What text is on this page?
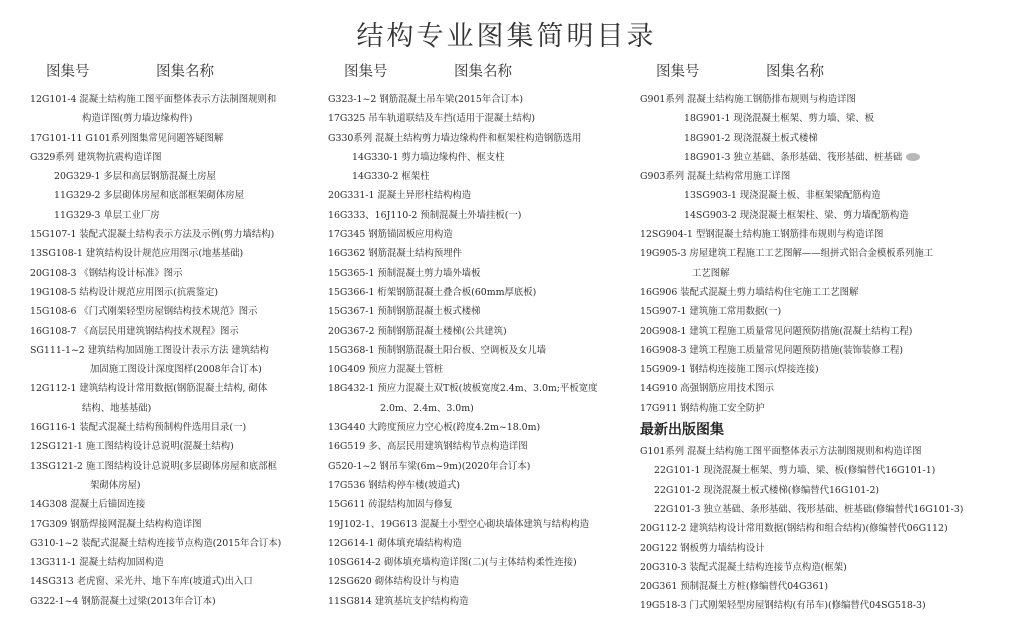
结构专业图集简明目录
图集号	图集名称
12G101-4 混凝土结构施工图平面整体表示方法制图规则和
构造详图(剪力墙边缘构件)
17G101-11 G101系列图集常见问题答疑图解
G329系列 建筑物抗震构造详图
20G329-1 多层和高层钢筋混凝土房屋
11G329-2 多层砌体房屋和底部框架砌体房屋
11G329-3 单层工业厂房
15G107-1 装配式混凝土结构表示方法及示例(剪力墙结构)
13SG108-1 建筑结构设计规范应用图示(地基基础)
20G108-3 《钢结构设计标准》图示
19G108-5 结构设计规范应用图示(抗震鉴定)
15G108-6 《门式刚架轻型房屋钢结构技术规范》图示
16G108-7 《高层民用建筑钢结构技术规程》图示
SG111-1~2 建筑结构加固施工图设计表示方法 建筑结构
加固施工图设计深度图样(2008年合订本)
12G112-1 建筑结构设计常用数据(钢筋混凝土结构, 砌体
结构、地基基础)
16G116-1 装配式混凝土结构预制构件选用目录(一)
12SG121-1 施工图结构设计总说明(混凝土结构)
13SG121-2 施工图结构设计总说明(多层砌体房屋和底部框
架砌体房屋)
14G308 混凝土后锚固连接
17G309 钢筋焊接网混凝土结构构造详图
G310-1~2 装配式混凝土结构连接节点构造(2015年合订本)
13G311-1 混凝土结构加固构造
14SG313 老虎窗、采光井、地下车库(坡道式)出入口
G322-1~4 钢筋混凝土过梁(2013年合订本)
图集号	图集名称
G323-1~2 钢筋混凝土吊车梁(2015年合订本)
17G325 吊车轨道联结及车挡(适用于混凝土结构)
G330系列 混凝土结构剪力墙边缘构件和框架柱构造钢筋选用
14G330-1 剪力墙边缘构件、框支柱
14G330-2 框架柱
20G331-1 混凝土异形柱结构构造
16G333、16J110-2 预制混凝土外墙挂板(一)
17G345 钢筋锚固板应用构造
16G362 钢筋混凝土结构预埋件
15G365-1 预制混凝土剪力墙外墙板
15G366-1 桁架钢筋混凝土叠合板(60mm厚底板)
15G367-1 预制钢筋混凝土板式楼梯
20G367-2 预制钢筋混凝土楼梯(公共建筑)
15G368-1 预制钢筋混凝土阳台板、空调板及女儿墙
10G409 预应力混凝土管桩
18G432-1 预应力混凝土双T板(坡板宽度2.4m、3.0m;平板宽度
2.0m、2.4m、3.0m)
13G440 大跨度预应力空心板(跨度4.2m~18.0m)
16G519 多、高层民用建筑钢结构节点构造详图
G520-1~2 钢吊车梁(6m~9m)(2020年合订本)
17G536 钢结构停车楼(坡道式)
15G611 砖混结构加固与修复
19J102-1、19G613 混凝土小型空心砌块墙体建筑与结构构造
12G614-1 砌体填充墙结构构造
10SG614-2 砌体填充墙构造详图(二)(与主体结构柔性连接)
12SG620 砌体结构设计与构造
11SG814 建筑基坑支护结构构造
图集号	图集名称
G901系列 混凝土结构施工钢筋排布规则与构造详图
18G901-1 现浇混凝土框架、剪力墙、梁、板
18G901-2 现浇混凝土板式楼梯
18G901-3 独立基础、条形基础、筏形基础、桩基础
G903系列 混凝土结构常用施工详图
13SG903-1 现浇混凝土板、非框架梁配筋构造
14SG903-2 现浇混凝土框架柱、梁、剪力墙配筋构造
12SG904-1 型钢混凝土结构施工钢筋排布规则与构造详图
19G905-3 房屋建筑工程施工工艺图解——组拼式铝合金模板系列施工
工艺图解
16G906 装配式混凝土剪力墙结构住宅施工工艺图解
15G907-1 建筑施工常用数据(一)
20G908-1 建筑工程施工质量常见问题预防措施(混凝土结构工程)
16G908-3 建筑工程施工质量常见问题预防措施(装饰装修工程)
15G909-1 钢结构连接施工图示(焊接连接)
14G910 高强钢筋应用技术图示
17G911 钢结构施工安全防护
最新出版图集
G101系列 混凝土结构施工图平面整体表示方法制图规则和构造详图
22G101-1 现浇混凝土框架、剪力墙、梁、板(修编替代16G101-1)
22G101-2 现浇混凝土板式楼梯(修编替代16G101-2)
22G101-3 独立基础、条形基础、筏形基础、桩基础(修编替代16G101-3)
20G112-2 建筑结构设计常用数据(钢结构和组合结构)(修编替代06G112)
20G122 钢板剪力墙结构设计
20G310-3 装配式混凝土结构连接节点构造(框架)
20G361 预制混凝土方桩(修编替代04G361)
19G518-3 门式刚架轻型房屋钢结构(有吊车)(修编替代04SG518-3)
